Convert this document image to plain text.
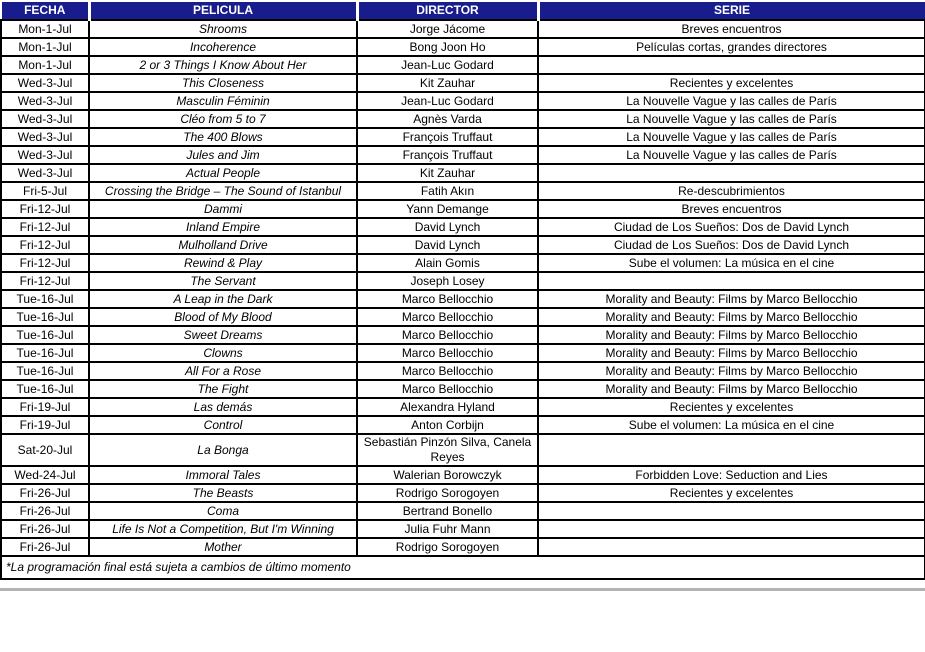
FECHA	PELICULA	DIRECTOR	SERIE
Mon-1-Jul	Shrooms	Jorge Jácome	Breves encuentros
Mon-1-Jul	Incoherence	Bong Joon Ho	Películas cortas, grandes directores
Mon-1-Jul	2 or 3 Things I Know About Her	Jean-Luc Godard	
Wed-3-Jul	This Closeness	Kit Zauhar	Recientes y excelentes
Wed-3-Jul	Masculin Féminin	Jean-Luc Godard	La Nouvelle Vague y las calles de París
Wed-3-Jul	Cléo from 5 to 7	Agnès Varda	La Nouvelle Vague y las calles de París
Wed-3-Jul	The 400 Blows	François Truffaut	La Nouvelle Vague y las calles de París
Wed-3-Jul	Jules and Jim	François Truffaut	La Nouvelle Vague y las calles de París
Wed-3-Jul	Actual People	Kit Zauhar	
Fri-5-Jul	Crossing the Bridge – The Sound of Istanbul	Fatih Akın	Re-descubrimientos
Fri-12-Jul	Dammi	Yann Demange	Breves encuentros
Fri-12-Jul	Inland Empire	David Lynch	Ciudad de Los Sueños: Dos de David Lynch
Fri-12-Jul	Mulholland Drive	David Lynch	Ciudad de Los Sueños: Dos de David Lynch
Fri-12-Jul	Rewind & Play	Alain Gomis	Sube el volumen: La música en el cine
Fri-12-Jul	The Servant	Joseph Losey	
Tue-16-Jul	A Leap in the Dark	Marco Bellocchio	Morality and Beauty: Films by Marco Bellocchio
Tue-16-Jul	Blood of My Blood	Marco Bellocchio	Morality and Beauty: Films by Marco Bellocchio
Tue-16-Jul	Sweet Dreams	Marco Bellocchio	Morality and Beauty: Films by Marco Bellocchio
Tue-16-Jul	Clowns	Marco Bellocchio	Morality and Beauty: Films by Marco Bellocchio
Tue-16-Jul	All For a Rose	Marco Bellocchio	Morality and Beauty: Films by Marco Bellocchio
Tue-16-Jul	The Fight	Marco Bellocchio	Morality and Beauty: Films by Marco Bellocchio
Fri-19-Jul	Las demás	Alexandra Hyland	Recientes y excelentes
Fri-19-Jul	Control	Anton Corbijn	Sube el volumen: La música en el cine
Sat-20-Jul	La Bonga	Sebastián Pinzón Silva, Canela Reyes	
Wed-24-Jul	Immoral Tales	Walerian Borowczyk	Forbidden Love: Seduction and Lies
Fri-26-Jul	The Beasts	Rodrigo Sorogoyen	Recientes y excelentes
Fri-26-Jul	Coma	Bertrand Bonello	
Fri-26-Jul	Life Is Not a Competition, But I'm Winning	Julia Fuhr Mann	
Fri-26-Jul	Mother	Rodrigo Sorogoyen	
*La programación final está sujeta a cambios de último momento			
